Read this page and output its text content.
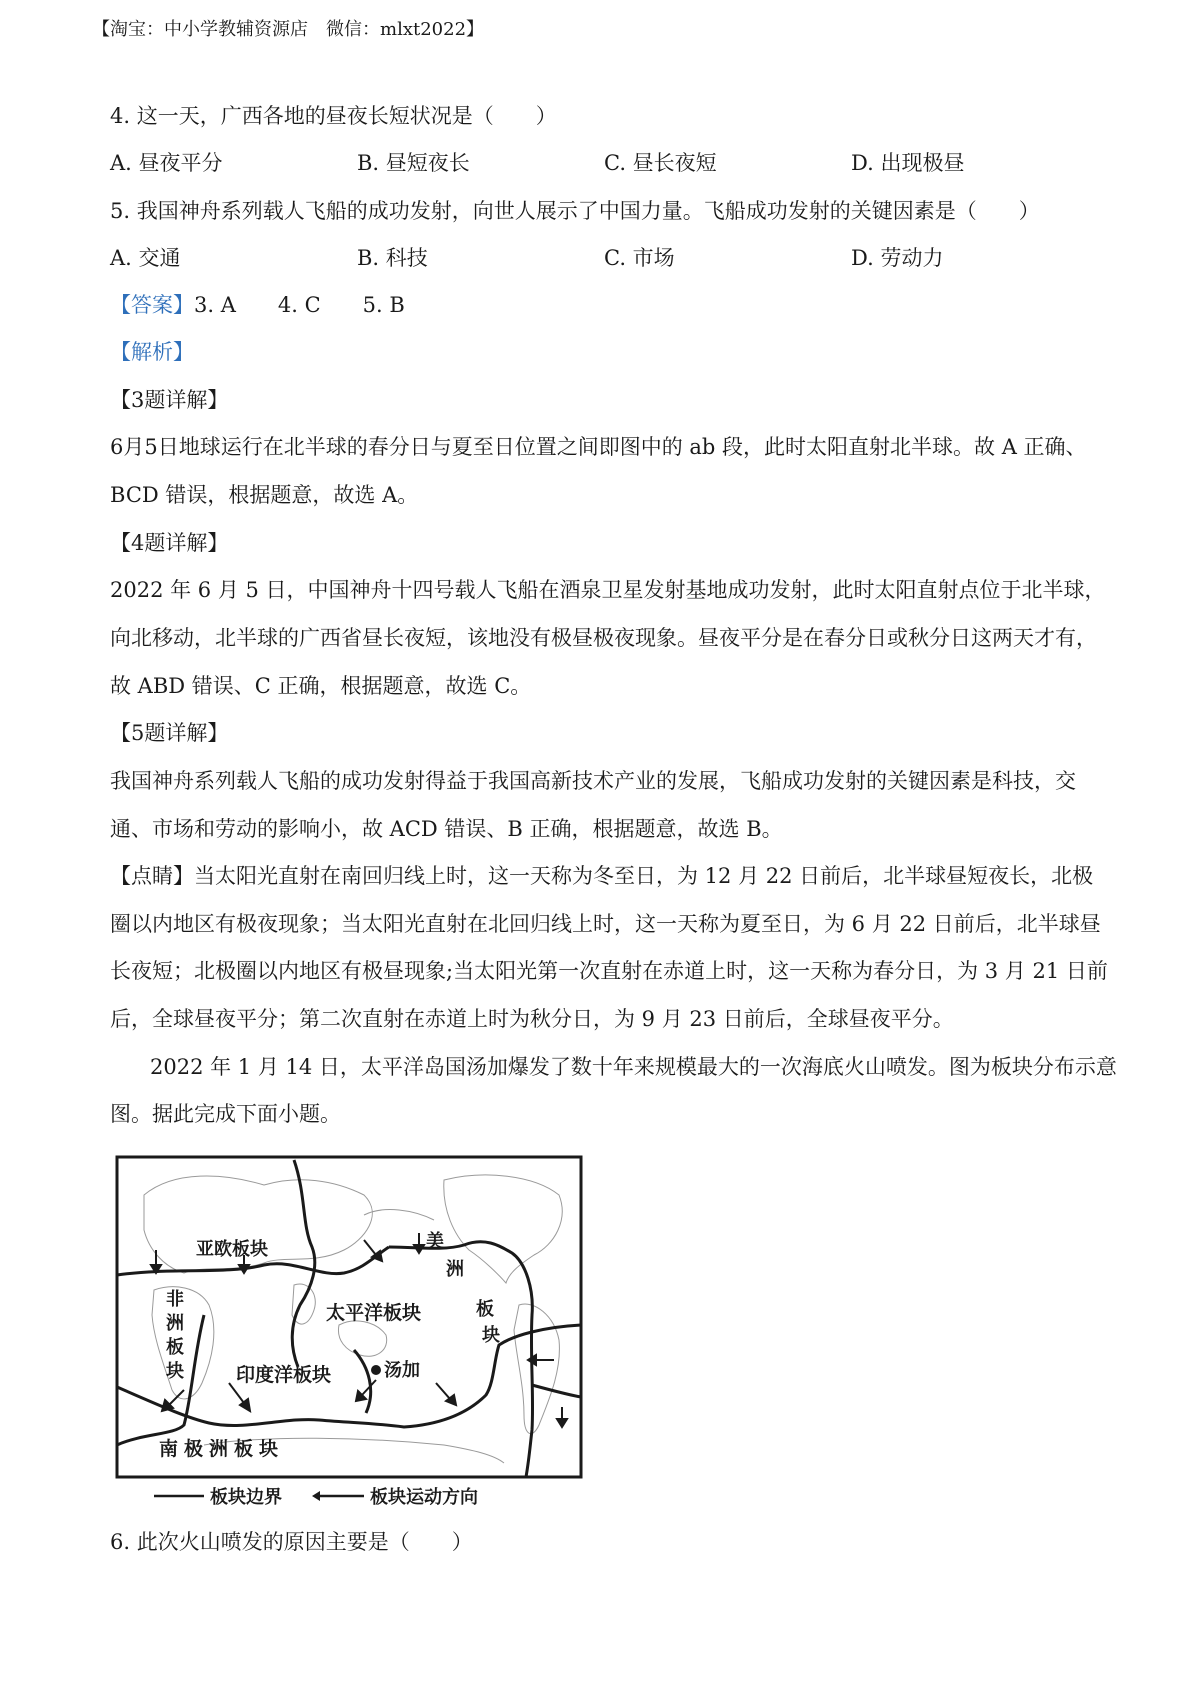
【淘宝：中小学教辅资源店　微信：mlxt2022】
4. 这一天，广西各地的昼夜长短状况是（　　）
A. 昼夜平分	B. 昼短夜长	C. 昼长夜短	D. 出现极昼
5. 我国神舟系列载人飞船的成功发射，向世人展示了中国力量。飞船成功发射的关键因素是（　　）
A. 交通	B. 科技	C. 市场	D. 劳动力
【答案】3. A　　4. C　　5. B
【解析】
【3题详解】
6月5日地球运行在北半球的春分日与夏至日位置之间即图中的 ab 段，此时太阳直射北半球。故 A 正确、
BCD 错误，根据题意，故选 A。
【4题详解】
2022 年 6 月 5 日，中国神舟十四号载人飞船在酒泉卫星发射基地成功发射，此时太阳直射点位于北半球，
向北移动，北半球的广西省昼长夜短，该地没有极昼极夜现象。昼夜平分是在春分日或秋分日这两天才有，
故 ABD 错误、C 正确，根据题意，故选 C。
【5题详解】
我国神舟系列载人飞船的成功发射得益于我国高新技术产业的发展，飞船成功发射的关键因素是科技，交
通、市场和劳动的影响小，故 ACD 错误、B 正确，根据题意，故选 B。
【点睛】当太阳光直射在南回归线上时，这一天称为冬至日，为 12 月 22 日前后，北半球昼短夜长，北极
圈以内地区有极夜现象；当太阳光直射在北回归线上时，这一天称为夏至日，为 6 月 22 日前后，北半球昼
长夜短；北极圈以内地区有极昼现象;当太阳光第一次直射在赤道上时，这一天称为春分日，为 3 月 21 日前
后，全球昼夜平分；第二次直射在赤道上时为秋分日，为 9 月 23 日前后，全球昼夜平分。
2022 年 1 月 14 日，太平洋岛国汤加爆发了数十年来规模最大的一次海底火山喷发。图为板块分布示意
图。据此完成下面小题。
亚欧板块
非
洲
板
块
太平洋板块
美
洲
板
块
印度洋板块	汤加
南极洲板块
板块边界	板块运动方向
6. 此次火山喷发的原因主要是（　　）
